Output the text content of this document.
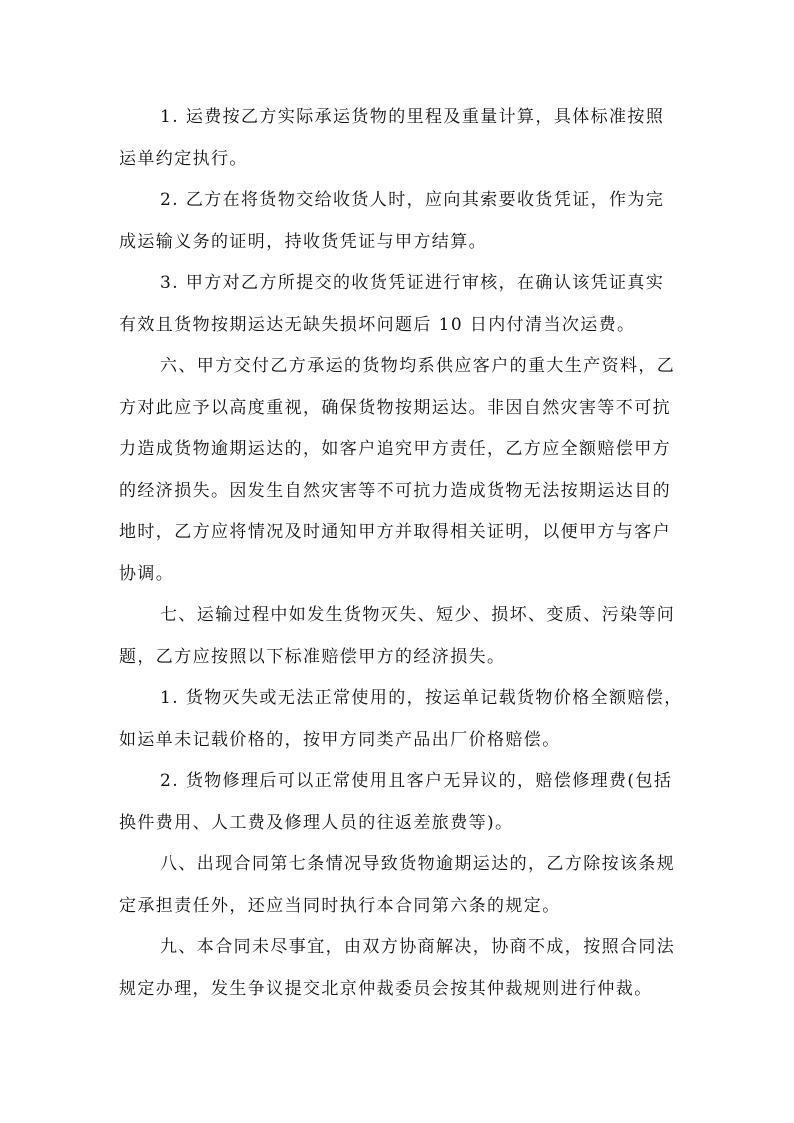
1. 运费按乙方实际承运货物的里程及重量计算，具体标准按照
运单约定执行。
2. 乙方在将货物交给收货人时，应向其索要收货凭证，作为完
成运输义务的证明，持收货凭证与甲方结算。
3. 甲方对乙方所提交的收货凭证进行审核，在确认该凭证真实
有效且货物按期运达无缺失损坏问题后 10 日内付清当次运费。
六、甲方交付乙方承运的货物均系供应客户的重大生产资料，乙
方对此应予以高度重视，确保货物按期运达。非因自然灾害等不可抗
力造成货物逾期运达的，如客户追究甲方责任，乙方应全额赔偿甲方
的经济损失。因发生自然灾害等不可抗力造成货物无法按期运达目的
地时，乙方应将情况及时通知甲方并取得相关证明，以便甲方与客户
协调。
七、运输过程中如发生货物灭失、短少、损坏、变质、污染等问
题，乙方应按照以下标准赔偿甲方的经济损失。
1. 货物灭失或无法正常使用的，按运单记载货物价格全额赔偿，
如运单未记载价格的，按甲方同类产品出厂价格赔偿。
2. 货物修理后可以正常使用且客户无异议的，赔偿修理费(包括
换件费用、人工费及修理人员的往返差旅费等)。
八、出现合同第七条情况导致货物逾期运达的，乙方除按该条规
定承担责任外，还应当同时执行本合同第六条的规定。
九、本合同未尽事宜，由双方协商解决，协商不成，按照合同法
规定办理，发生争议提交北京仲裁委员会按其仲裁规则进行仲裁。
